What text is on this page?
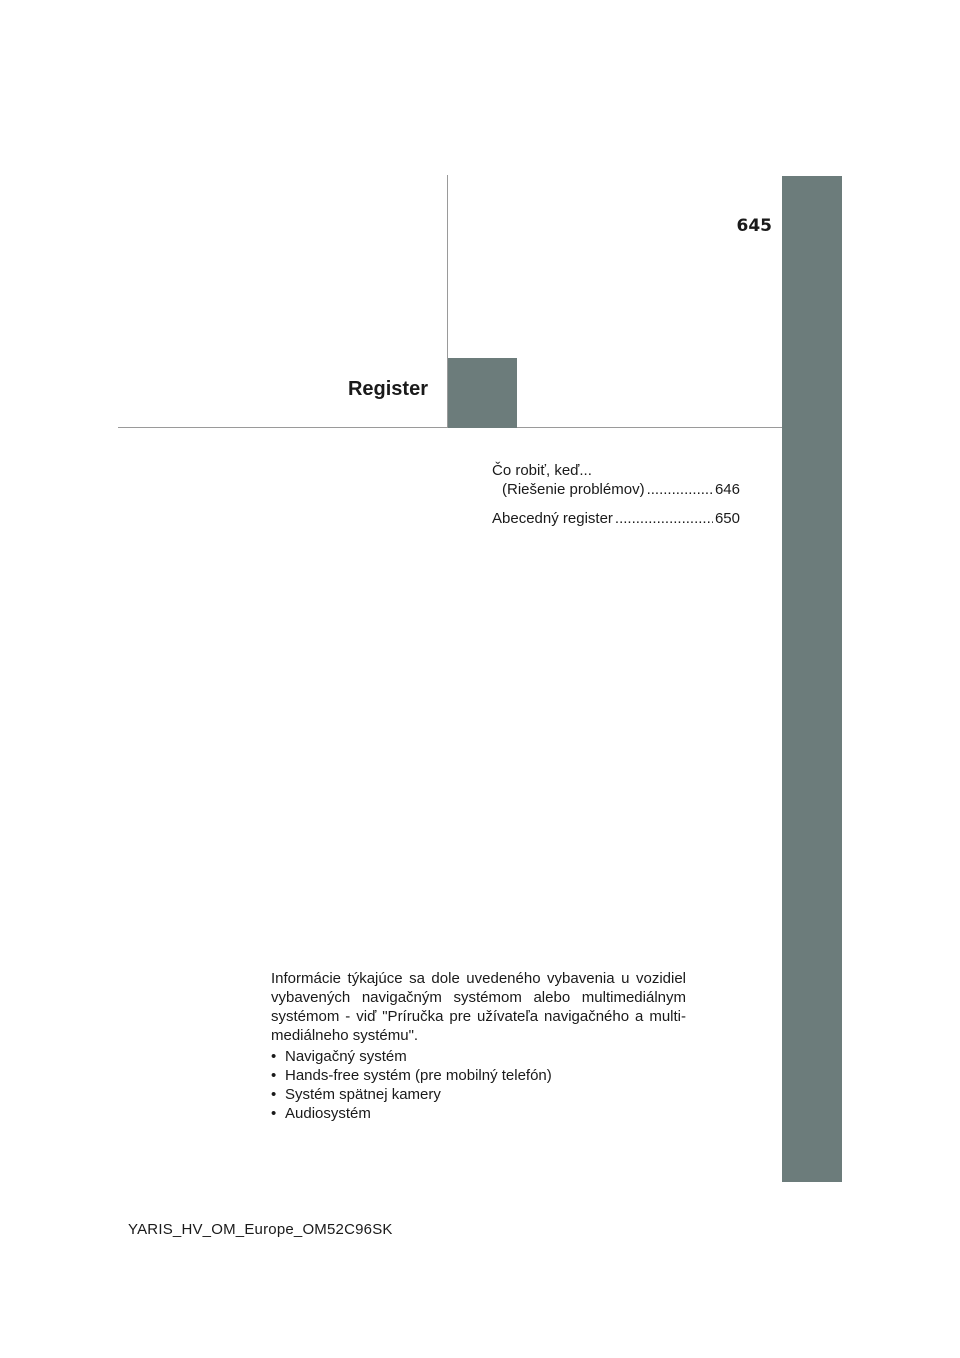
645
Register
Čo robiť, keď...
(Riešenie problémov) .....	646
Abecedný register .....	650
Informácie týkajúce sa dole uvedeného vybavenia u vozidiel vybavených navigačným systémom alebo multimediálnym systémom - viď "Príručka pre užívateľa navigačného a multi-mediálneho systému".
• Navigačný systém
• Hands-free systém (pre mobilný telefón)
• Systém spätnej kamery
• Audiosystém
YARIS_HV_OM_Europe_OM52C96SK
